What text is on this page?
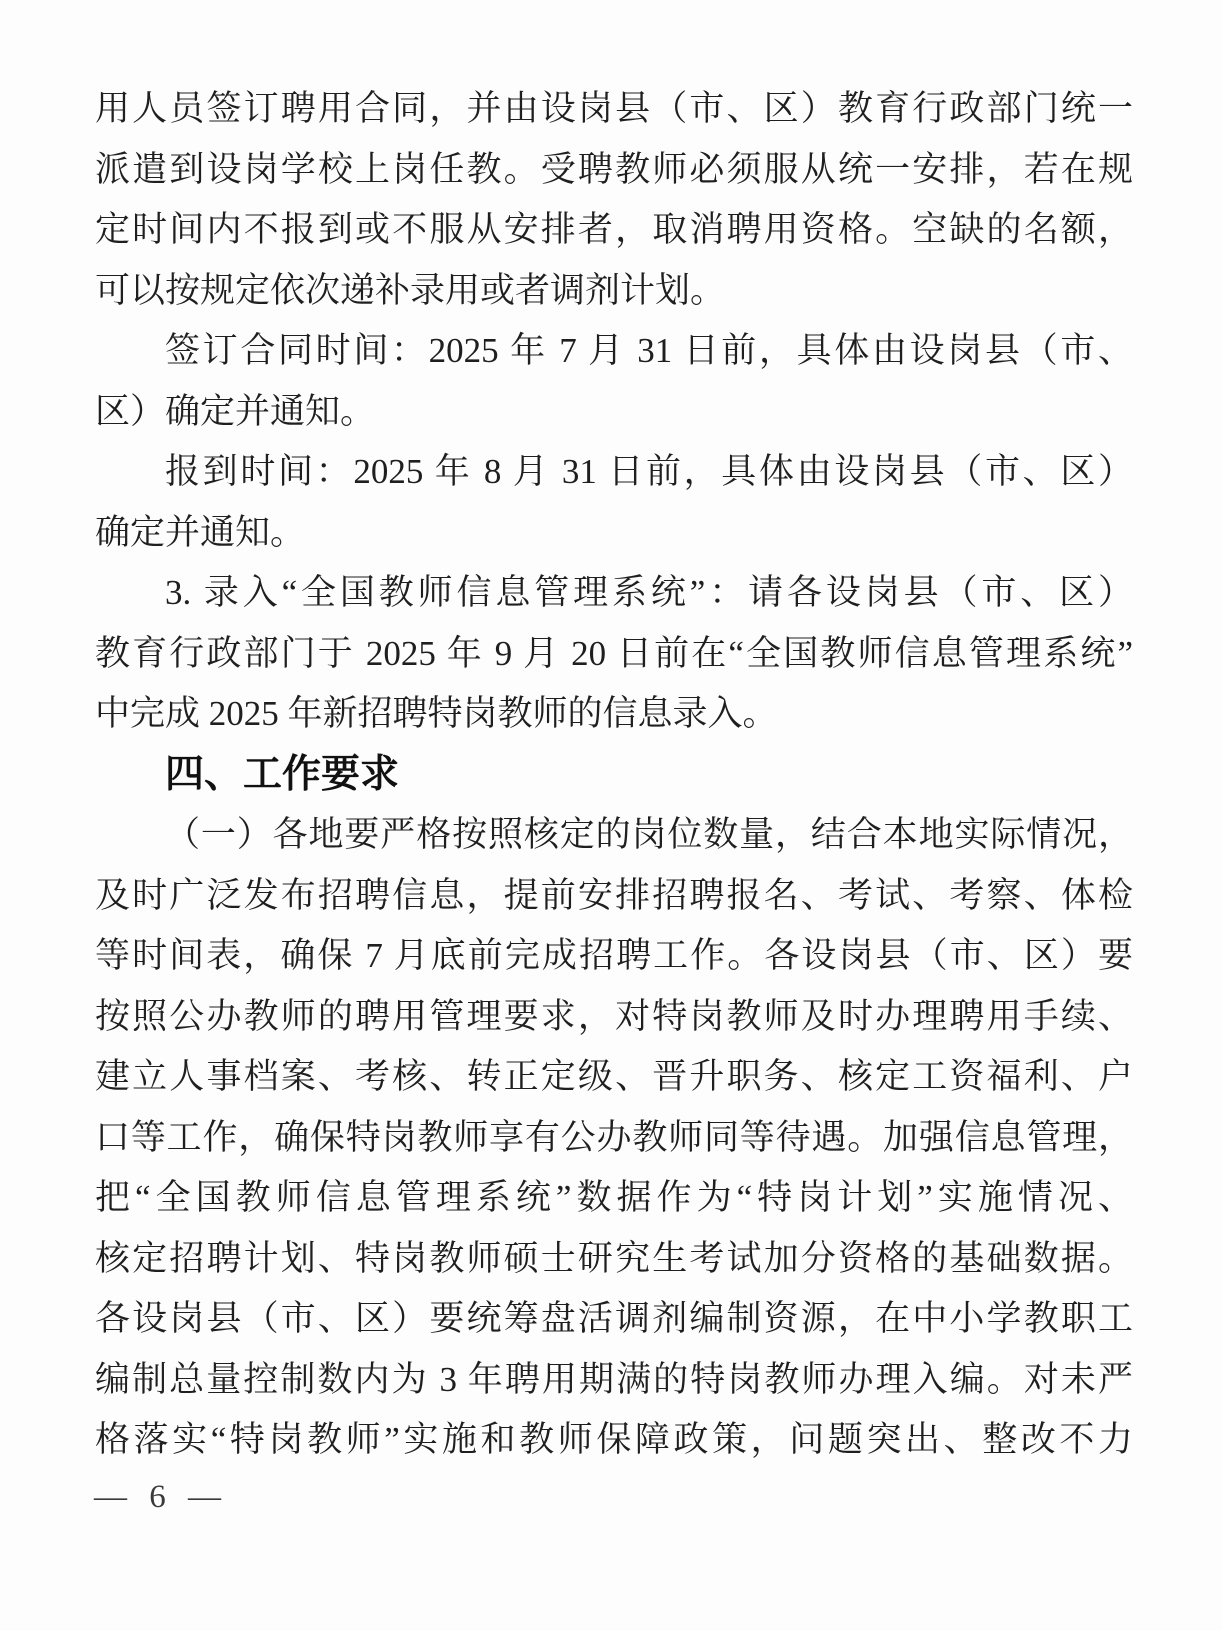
用人员签订聘用合同，并由设岗县（市、区）教育行政部门统一
派遣到设岗学校上岗任教。受聘教师必须服从统一安排，若在规
定时间内不报到或不服从安排者，取消聘用资格。空缺的名额，
可以按规定依次递补录用或者调剂计划。
签订合同时间：2025 年 7 月 31 日前，具体由设岗县（市、
区）确定并通知。
报到时间：2025 年 8 月 31 日前，具体由设岗县（市、区）
确定并通知。
3. 录入“全国教师信息管理系统”：请各设岗县（市、区）
教育行政部门于 2025 年 9 月 20 日前在“全国教师信息管理系统”
中完成 2025 年新招聘特岗教师的信息录入。
四、工作要求
（一）各地要严格按照核定的岗位数量，结合本地实际情况，
及时广泛发布招聘信息，提前安排招聘报名、考试、考察、体检
等时间表，确保 7 月底前完成招聘工作。各设岗县（市、区）要
按照公办教师的聘用管理要求，对特岗教师及时办理聘用手续、
建立人事档案、考核、转正定级、晋升职务、核定工资福利、户
口等工作，确保特岗教师享有公办教师同等待遇。加强信息管理，
把“全国教师信息管理系统”数据作为“特岗计划”实施情况、
核定招聘计划、特岗教师硕士研究生考试加分资格的基础数据。
各设岗县（市、区）要统筹盘活调剂编制资源，在中小学教职工
编制总量控制数内为 3 年聘用期满的特岗教师办理入编。对未严
格落实“特岗教师”实施和教师保障政策，问题突出、整改不力
— 6 —
